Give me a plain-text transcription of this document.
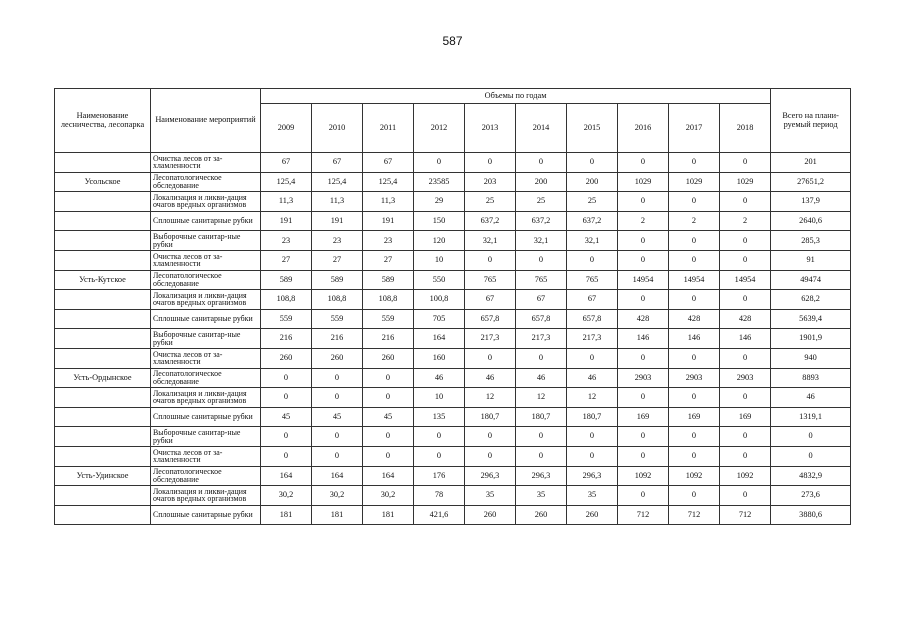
587
Наименование лесничества, лесопарка	Наименование мероприятий	Объемы по годам										Всего на плани-руемый период
		2009	2010	2011	2012	2013	2014	2015	2016	2017	2018	
	Очистка лесов от за-хламленности	67	67	67	0	0	0	0	0	0	0	201
Усольское	Лесопатологическое обследование	125,4	125,4	125,4	23585	203	200	200	1029	1029	1029	27651,2
	Локализация и ликви-дация очагов вредных организмов	11,3	11,3	11,3	29	25	25	25	0	0	0	137,9
	Сплошные санитарные рубки	191	191	191	150	637,2	637,2	637,2	2	2	2	2640,6
	Выборочные санитар-ные рубки	23	23	23	120	32,1	32,1	32,1	0	0	0	285,3
	Очистка лесов от за-хламленности	27	27	27	10	0	0	0	0	0	0	91
Усть-Кутское	Лесопатологическое обследование	589	589	589	550	765	765	765	14954	14954	14954	49474
	Локализация и ликви-дация очагов вредных организмов	108,8	108,8	108,8	100,8	67	67	67	0	0	0	628,2
	Сплошные санитарные рубки	559	559	559	705	657,8	657,8	657,8	428	428	428	5639,4
	Выборочные санитар-ные рубки	216	216	216	164	217,3	217,3	217,3	146	146	146	1901,9
	Очистка лесов от за-хламленности	260	260	260	160	0	0	0	0	0	0	940
Усть-Ордынское	Лесопатологическое обследование	0	0	0	46	46	46	46	2903	2903	2903	8893
	Локализация и ликви-дация очагов вредных организмов	0	0	0	10	12	12	12	0	0	0	46
	Сплошные санитарные рубки	45	45	45	135	180,7	180,7	180,7	169	169	169	1319,1
	Выборочные санитар-ные рубки	0	0	0	0	0	0	0	0	0	0	0
	Очистка лесов от за-хламленности	0	0	0	0	0	0	0	0	0	0	0
Усть-Удинское	Лесопатологическое обследование	164	164	164	176	296,3	296,3	296,3	1092	1092	1092	4832,9
	Локализация и ликви-дация очагов вредных организмов	30,2	30,2	30,2	78	35	35	35	0	0	0	273,6
	Сплошные санитарные рубки	181	181	181	421,6	260	260	260	712	712	712	3880,6
